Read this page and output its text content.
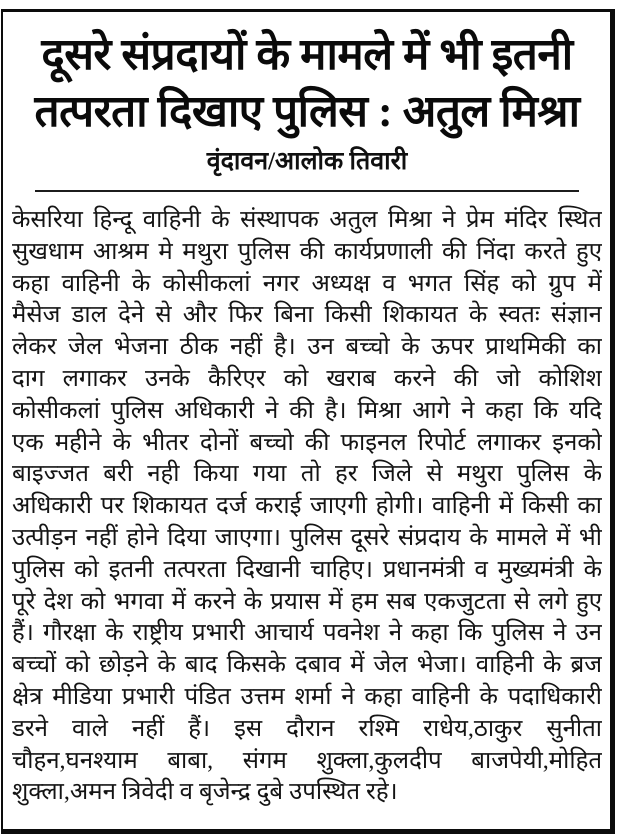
दूसरे संप्रदायों के मामले में भी इतनी
तत्परता दिखाए पुलिस : अतुल मिश्रा
वृंदावन/आलोक तिवारी
केसरिया हिन्दू वाहिनी के संस्थापक अतुल मिश्रा ने प्रेम मंदिर स्थित
सुखधाम आश्रम मे मथुरा पुलिस की कार्यप्रणाली की निंदा करते हुए
कहा वाहिनी के कोसीकलां नगर अध्यक्ष व भगत सिंह को ग्रुप में
मैसेज डाल देने से और फिर बिना किसी शिकायत के स्वतः संज्ञान
लेकर जेल भेजना ठीक नहीं है। उन बच्चो के ऊपर प्राथमिकी का
दाग लगाकर उनके कैरिएर को खराब करने की जो कोशिश
कोसीकलां पुलिस अधिकारी ने की है। मिश्रा आगे ने कहा कि यदि
एक महीने के भीतर दोनों बच्चो की फाइनल रिपोर्ट लगाकर इनको
बाइज्जत बरी नही किया गया तो हर जिले से मथुरा पुलिस के
अधिकारी पर शिकायत दर्ज कराई जाएगी होगी। वाहिनी में किसी का
उत्पीड़न नहीं होने दिया जाएगा। पुलिस दूसरे संप्रदाय के मामले में भी
पुलिस को इतनी तत्परता दिखानी चाहिए। प्रधानमंत्री व मुख्यमंत्री के
पूरे देश को भगवा में करने के प्रयास में हम सब एकजुटता से लगे हुए
हैं। गौरक्षा के राष्ट्रीय प्रभारी आचार्य पवनेश ने कहा कि पुलिस ने उन
बच्चों को छोड़ने के बाद किसके दबाव में जेल भेजा। वाहिनी के ब्रज
क्षेत्र मीडिया प्रभारी पंडित उत्तम शर्मा ने कहा वाहिनी के पदाधिकारी
डरने वाले नहीं हैं। इस दौरान रश्मि राधेय,ठाकुर सुनीता
चौहन,घनश्याम बाबा, संगम शुक्ला,कुलदीप बाजपेयी,मोहित
शुक्ला,अमन त्रिवेदी व बृजेन्द्र दुबे उपस्थित रहे।
